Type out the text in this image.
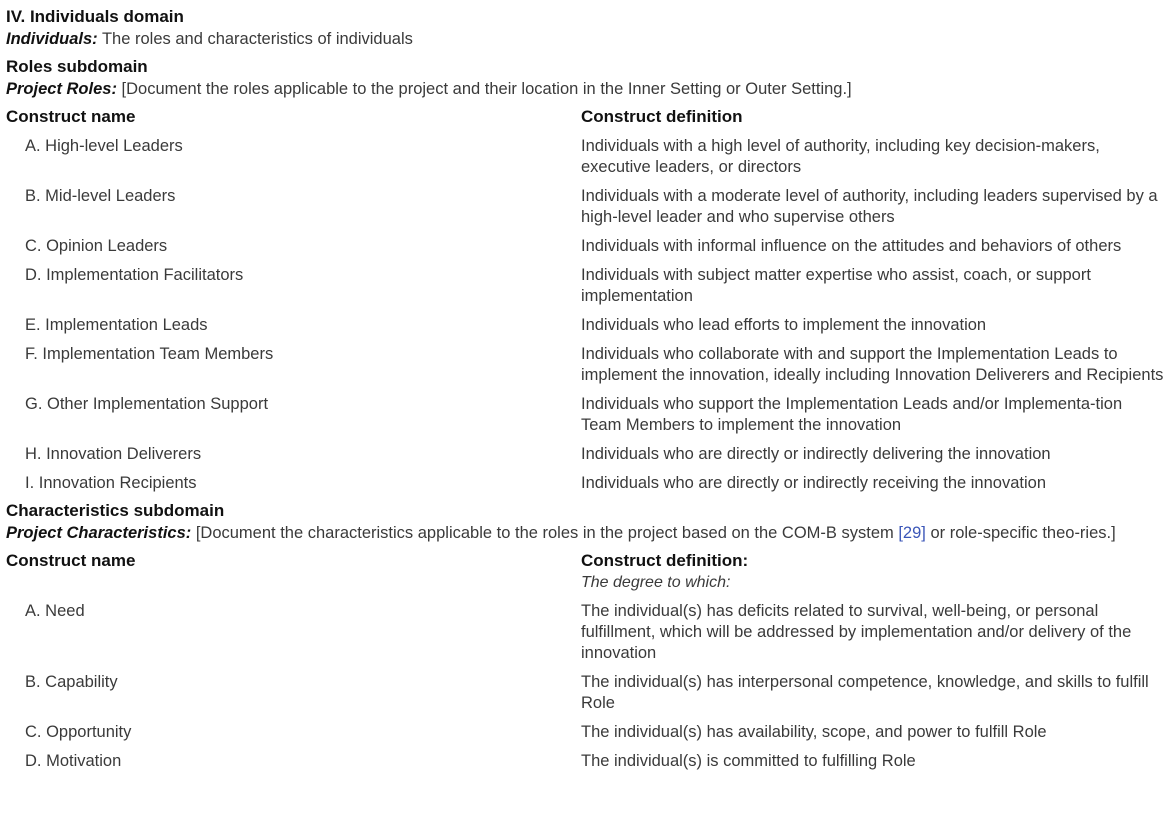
IV. Individuals domain
Individuals: The roles and characteristics of individuals
Roles subdomain
Project Roles: [Document the roles applicable to the project and their location in the Inner Setting or Outer Setting.]
Construct name	Construct definition
A. High-level Leaders	Individuals with a high level of authority, including key decision-makers, executive leaders, or directors
B. Mid-level Leaders	Individuals with a moderate level of authority, including leaders supervised by a high-level leader and who supervise others
C. Opinion Leaders	Individuals with informal influence on the attitudes and behaviors of others
D. Implementation Facilitators	Individuals with subject matter expertise who assist, coach, or support implementation
E. Implementation Leads	Individuals who lead efforts to implement the innovation
F. Implementation Team Members	Individuals who collaborate with and support the Implementation Leads to implement the innovation, ideally including Innovation Deliverers and Recipients
G. Other Implementation Support	Individuals who support the Implementation Leads and/or Implementa-tion Team Members to implement the innovation
H. Innovation Deliverers	Individuals who are directly or indirectly delivering the innovation
I. Innovation Recipients	Individuals who are directly or indirectly receiving the innovation
Characteristics subdomain
Project Characteristics: [Document the characteristics applicable to the roles in the project based on the COM-B system [29] or role-specific theo-ries.]
Construct name	Construct definition:
The degree to which:
A. Need	The individual(s) has deficits related to survival, well-being, or personal fulfillment, which will be addressed by implementation and/or delivery of the innovation
B. Capability	The individual(s) has interpersonal competence, knowledge, and skills to fulfill Role
C. Opportunity	The individual(s) has availability, scope, and power to fulfill Role
D. Motivation	The individual(s) is committed to fulfilling Role
